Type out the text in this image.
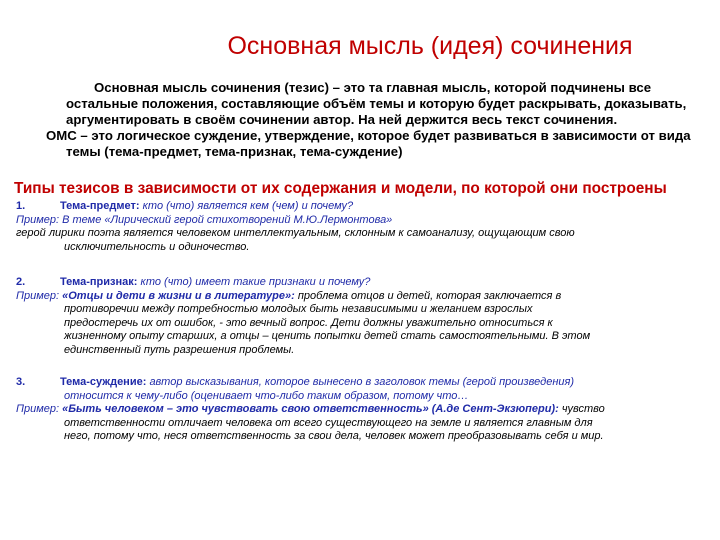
Основная мысль (идея) сочинения

Основная мысль сочинения (тезис) – это та главная мысль, которой подчинены все остальные положения, составляющие объём темы и которую будет раскрывать, доказывать, аргументировать в своём сочинении автор. На ней держится весь текст сочинения.

ОМС – это логическое суждение, утверждение, которое будет развиваться в зависимости от вида темы (тема-предмет, тема-признак, тема-суждение)

Типы тезисов в зависимости от их содержания и модели, по которой они построены
1.	Тема-предмет: кто (что) является кем (чем) и почему?
Пример: В теме «Лирический герой стихотворений М.Ю.Лермонтова»
герой лирики поэта является человеком интеллектуальным, склонным к самоанализу, ощущающим свою
исключительность и одиночество.
2.	Тема-признак: кто (что) имеет такие признаки и почему?
Пример: «Отцы и дети в жизни и в литературе»: проблема отцов и детей, которая заключается в
противоречии между потребностью молодых быть независимыми и желанием взрослых
предостеречь их от ошибок, - это вечный вопрос. Дети должны уважительно относиться к
жизненному опыту старших, а отцы – ценить попытки детей стать самостоятельными. В этом
единственный путь разрешения проблемы.
3.	Тема-суждение: автор высказывания, которое вынесено в заголовок темы (герой произведения)
относится к чему-либо (оценивает что-либо таким образом, потому что…
Пример: «Быть человеком – это чувствовать свою ответственность» (А.де Сент-Экзюпери): чувство
ответственности отличает человека от всего существующего на земле и является главным для
него, потому что, неся ответственность за свои дела, человек может преобразовывать себя и мир.
